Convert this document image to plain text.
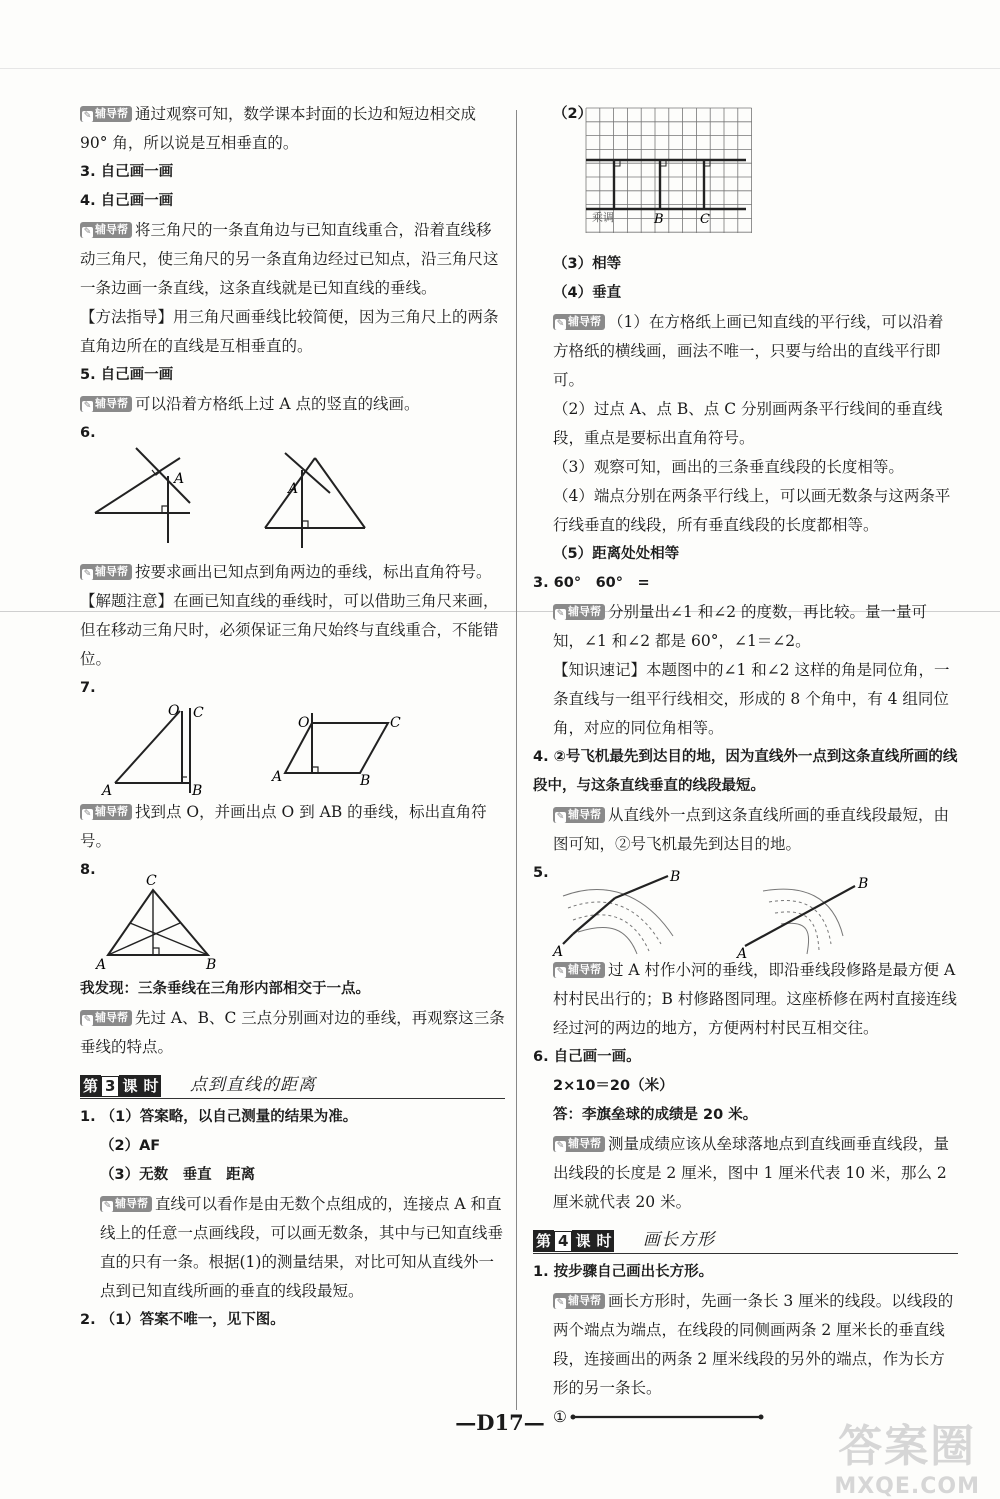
✎ 辅导帮 通过观察可知，数学课本封面的长边和短边相交成 90° 角，所以说是互相垂直的。

3. 自己画一画

4. 自己画一画

✎ 辅导帮 将三角尺的一条直角边与已知直线重合，沿着直线移动三角尺，使三角尺的另一条直角边经过已知点，沿三角尺这一条边画一条直线，这条直线就是已知直线的垂线。

【方法指导】用三角尺画垂线比较简便，因为三角尺上的两条直角边所在的直线是互相垂直的。

5. 自己画一画

✎ 辅导帮 可以沿着方格纸上过 A 点的竖直的线画。

6.

A
A

✎ 辅导帮 按要求画出已知点到角两边的垂线，标出直角符号。

【解题注意】在画已知直线的垂线时，可以借助三角尺来画，但在移动三角尺时，必须保证三角尺始终与直线重合，不能错位。

7.

O C
A	B
O	C
A	B

✎ 辅导帮 找到点 O，并画出点 O 到 AB 的垂线，标出直角符号。

8.

C
A	B

我发现：三条垂线在三角形内部相交于一点。

✎ 辅导帮 先过 A、B、C 三点分别画对边的垂线，再观察这三条垂线的特点。

第 3 课 时 点到直线的距离

1. （1）答案略，以自己测量的结果为准。

（2）AF

（3）无数　垂直　距离

✎ 辅导帮 直线可以看作是由无数个点组成的，连接点 A 和直线上的任意一点画线段，可以画无数条，其中与已知直线垂直的只有一条。根据(1)的测量结果，对比可知从直线外一点到已知直线所画的垂直的线段最短。

2. （1）答案不唯一，见下图。

（2）

B	C
乘调

（3）相等

（4）垂直

✎ 辅导帮 （1）在方格纸上画已知直线的平行线，可以沿着方格纸的横线画，画法不唯一，只要与给出的直线平行即可。

（2）过点 A、点 B、点 C 分别画两条平行线间的垂直线段，重点是要标出直角符号。

（3）观察可知，画出的三条垂直线段的长度相等。

（4）端点分别在两条平行线上，可以画无数条与这两条平行线垂直的线段，所有垂直线段的长度都相等。

（5）距离处处相等

3. 60°　60°　=

✎ 辅导帮 分别量出∠1 和∠2 的度数，再比较。量一量可知，∠1 和∠2 都是 60°，∠1＝∠2。

【知识速记】本题图中的∠1 和∠2 这样的角是同位角，一条直线与一组平行线相交，形成的 8 个角中，有 4 组同位角，对应的同位角相等。

4. ②号飞机最先到达目的地，因为直线外一点到这条直线所画的线段中，与这条直线垂直的线段最短。

✎ 辅导帮 从直线外一点到这条直线所画的垂直线段最短，由图可知，②号飞机最先到达目的地。

5.	B
A
B
A

✎ 辅导帮 过 A 村作小河的垂线，即沿垂线段修路是最方便 A 村村民出行的；B 村修路图同理。这座桥修在两村直接连线经过河的两边的地方，方便两村村民互相交往。

6. 自己画一画。

2×10＝20（米）

答：李旗垒球的成绩是 20 米。

✎ 辅导帮 测量成绩应该从垒球落地点到直线画垂直线段，量出线段的长度是 2 厘米，图中 1 厘米代表 10 米，那么 2 厘米就代表 20 米。

第 4 课 时 画长方形

1. 按步骤自己画出长方形。

✎ 辅导帮 画长方形时，先画一条长 3 厘米的线段。以线段的两个端点为端点，在线段的同侧画两条 2 厘米长的垂直线段，连接画出的两条 2 厘米线段的另外的端点，作为长方形的另一条长。

①
—D17—	答案圈
MXQE.COM
